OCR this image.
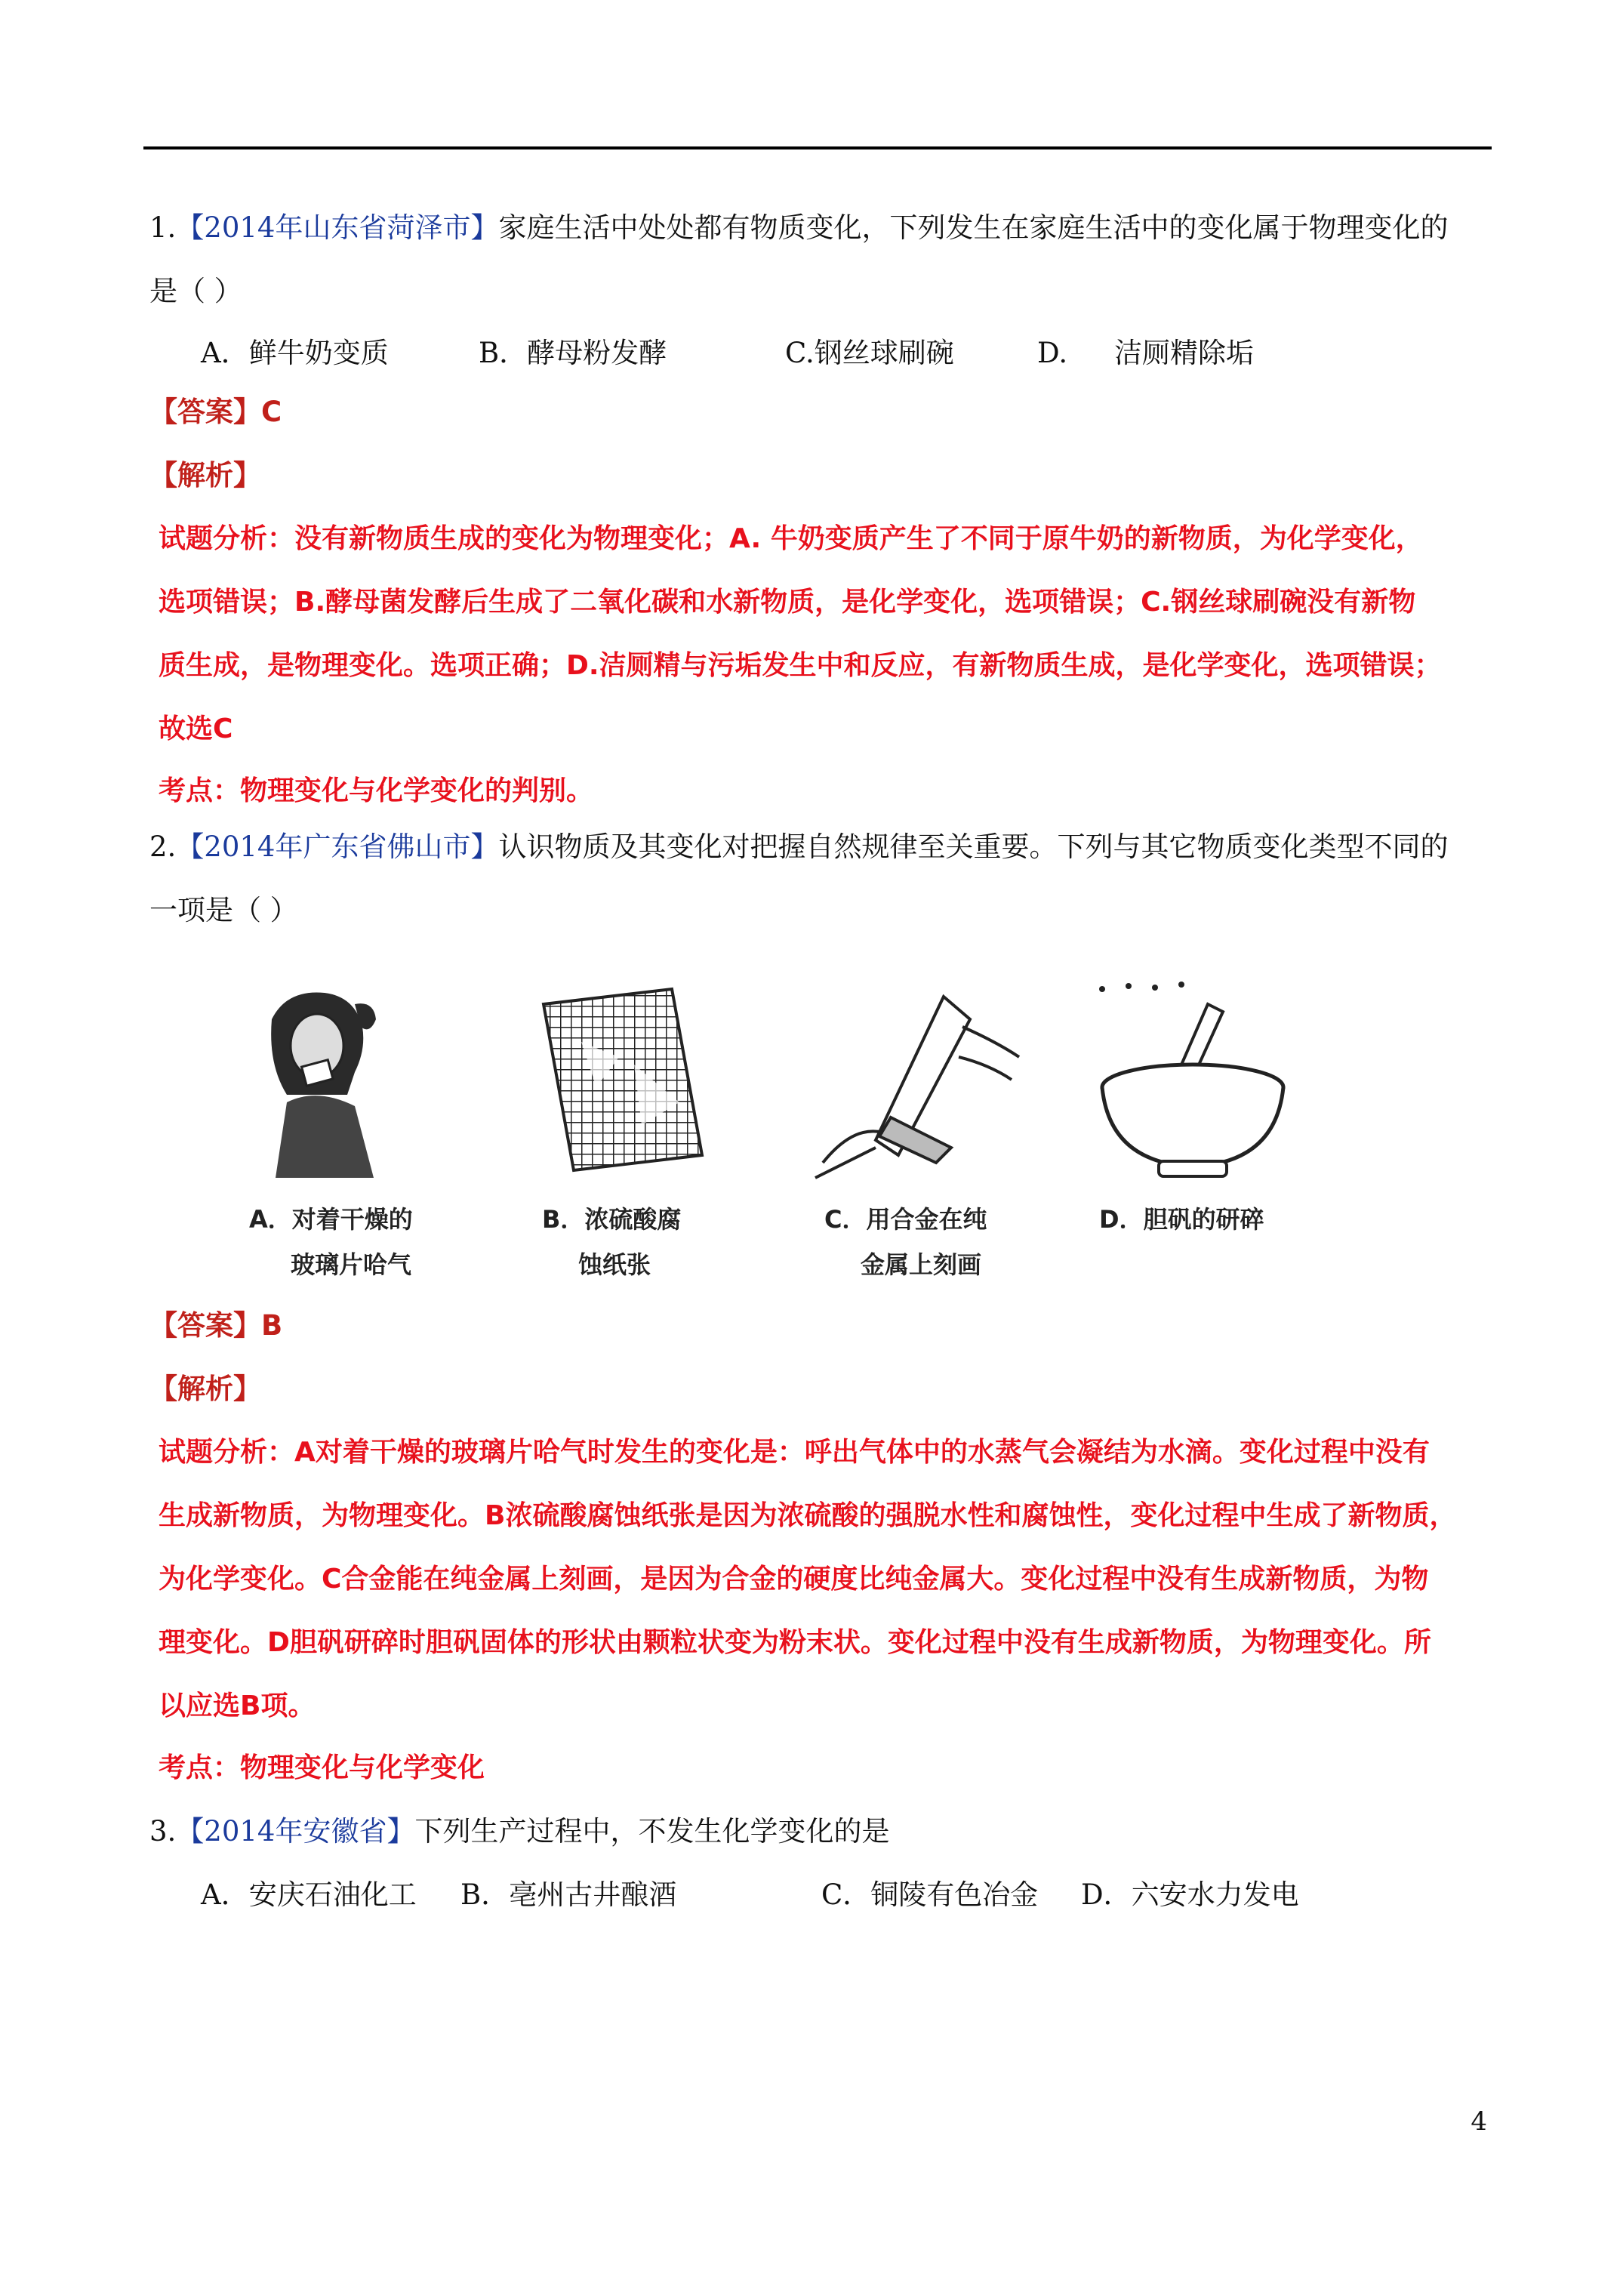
1.【2014年山东省菏泽市】家庭生活中处处都有物质变化，下列发生在家庭生活中的变化属于物理变化的
是（ ）
A．鲜牛奶变质	B．酵母粉发酵	C.钢丝球刷碗	D. 洁厕精除垢
【答案】C
【解析】
试题分析：没有新物质生成的变化为物理变化；A. 牛奶变质产生了不同于原牛奶的新物质，为化学变化，
选项错误；B.酵母菌发酵后生成了二氧化碳和水新物质，是化学变化，选项错误；C.钢丝球刷碗没有新物
质生成，是物理变化。选项正确；D.洁厕精与污垢发生中和反应，有新物质生成，是化学变化，选项错误；
故选C
考点：物理变化与化学变化的判别。
2.【2014年广东省佛山市】认识物质及其变化对把握自然规律至关重要。下列与其它物质变化类型不同的
一项是（ ）
A．对着干燥的
玻璃片哈气
B．浓硫酸腐
蚀纸张
C．用合金在纯
金属上刻画
D．胆矾的研碎
【答案】B
【解析】
试题分析：A对着干燥的玻璃片哈气时发生的变化是：呼出气体中的水蒸气会凝结为水滴。变化过程中没有
生成新物质，为物理变化。B浓硫酸腐蚀纸张是因为浓硫酸的强脱水性和腐蚀性，变化过程中生成了新物质，
为化学变化。C合金能在纯金属上刻画，是因为合金的硬度比纯金属大。变化过程中没有生成新物质，为物
理变化。D胆矾研碎时胆矾固体的形状由颗粒状变为粉末状。变化过程中没有生成新物质，为物理变化。所
以应选B项。
考点：物理变化与化学变化
3.【2014年安徽省】下列生产过程中，不发生化学变化的是
A．安庆石油化工 B．亳州古井酿酒	C．铜陵有色冶金 D．六安水力发电
4
